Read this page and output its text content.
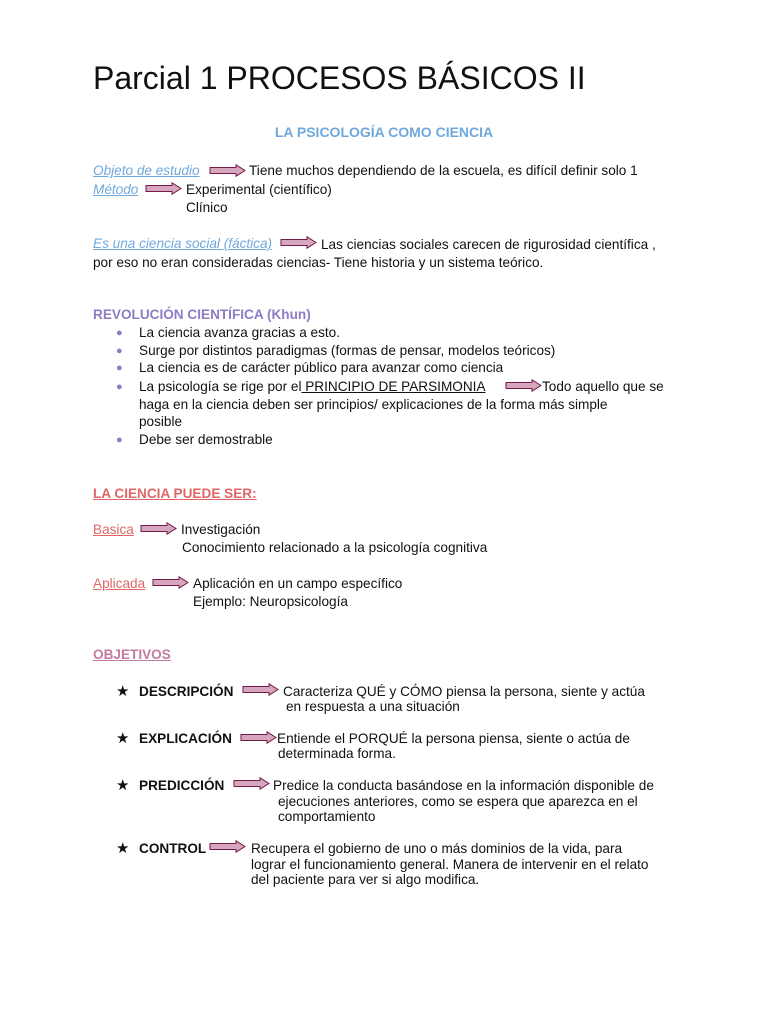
Parcial 1 PROCESOS BÁSICOS II
LA PSICOLOGÍA COMO CIENCIA
Objeto de estudio	Tiene muchos dependiendo de la escuela, es difícil definir solo 1
Método	Experimental (científico)
Clínico
Es una ciencia social (fáctica)	Las ciencias sociales carecen de rigurosidad científica ,
por eso no eran consideradas ciencias- Tiene historia y un sistema teórico.
REVOLUCIÓN CIENTÍFICA (Khun)
● La ciencia avanza gracias a esto.
● Surge por distintos paradigmas (formas de pensar, modelos teóricos)
● La ciencia es de carácter público para avanzar como ciencia
● La psicología se rige por el PRINCIPIO DE PARSIMONIA	Todo aquello que se
haga en la ciencia deben ser principios/ explicaciones de la forma más simple
posible
● Debe ser demostrable
LA CIENCIA PUEDE SER:
Basica	Investigación
Conocimiento relacionado a la psicología cognitiva
Aplicada	Aplicación en un campo específico
Ejemplo: Neuropsicología
OBJETIVOS
★ DESCRIPCIÓN	Caracteriza QUÉ y CÓMO piensa la persona, siente y actúa
en respuesta a una situación
★ EXPLICACIÓN	Entiende el PORQUÉ la persona piensa, siente o actúa de
determinada forma.
★ PREDICCIÓN	Predice la conducta basándose en la información disponible de
ejecuciones anteriores, como se espera que aparezca en el
comportamiento
★ CONTROL	Recupera el gobierno de uno o más dominios de la vida, para
lograr el funcionamiento general. Manera de intervenir en el relato
del paciente para ver si algo modifica.
